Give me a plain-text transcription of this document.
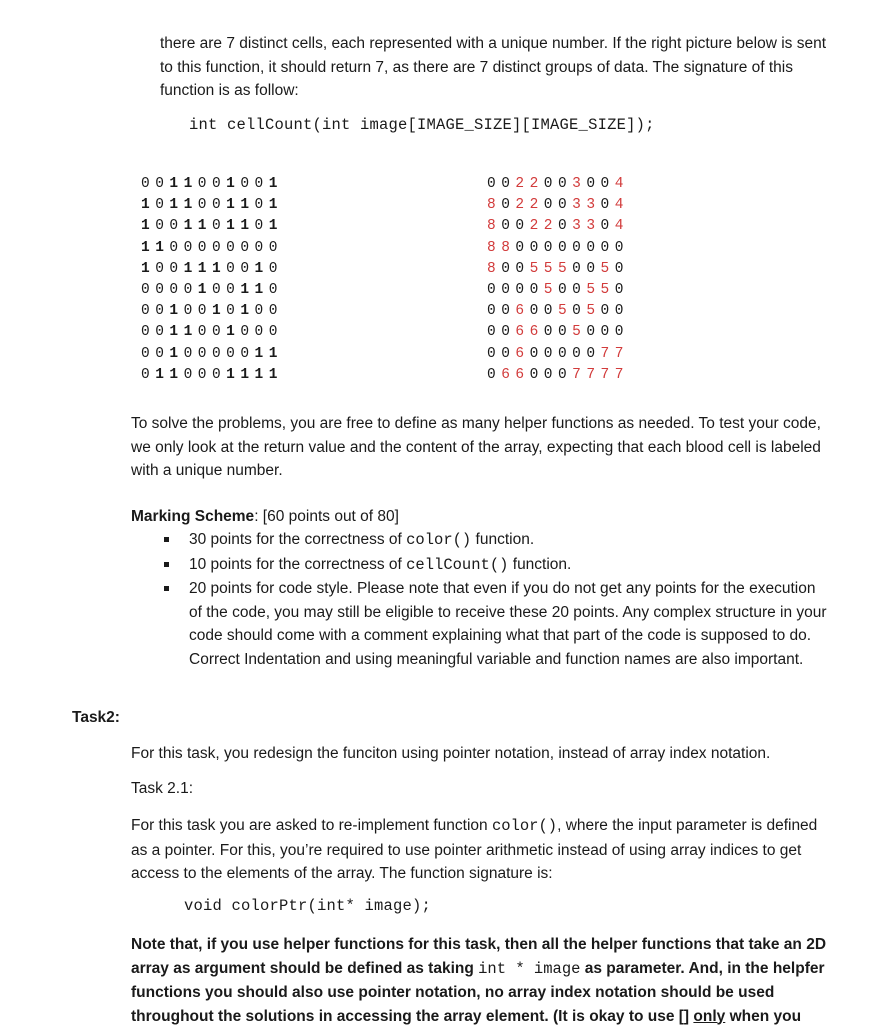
there are 7 distinct cells, each represented with a unique number. If the right picture below is sent to this function, it should return 7, as there are 7 distinct groups of data. The signature of this function is as follow:

int cellCount(int image[IMAGE_SIZE][IMAGE_SIZE]);
0 0 1 1 0 0 1 0 0 1
1 0 1 1 0 0 1 1 0 1
1 0 0 1 1 0 1 1 0 1
1 1 0 0 0 0 0 0 0 0
1 0 0 1 1 1 0 0 1 0
0 0 0 0 1 0 0 1 1 0
0 0 1 0 0 1 0 1 0 0
0 0 1 1 0 0 1 0 0 0
0 0 1 0 0 0 0 0 1 1
0 1 1 0 0 0 1 1 1 1
0 0 2 2 0 0 3 0 0 4
8 0 2 2 0 0 3 3 0 4
8 0 0 2 2 0 3 3 0 4
8 8 0 0 0 0 0 0 0 0
8 0 0 5 5 5 0 0 5 0
0 0 0 0 5 0 0 5 5 0
0 0 6 0 0 5 0 5 0 0
0 0 6 6 0 0 5 0 0 0
0 0 6 0 0 0 0 0 7 7
0 6 6 0 0 0 7 7 7 7

To solve the problems, you are free to define as many helper functions as needed. To test your code, we only look at the return value and the content of the array, expecting that each blood cell is labeled with a unique number.

Marking Scheme: [60 points out of 80]
30 points for the correctness of color() function.
10 points for the correctness of cellCount() function.
20 points for code style. Please note that even if you do not get any points for the execution of the code, you may still be eligible to receive these 20 points. Any complex structure in your code should come with a comment explaining what that part of the code is supposed to do. Correct Indentation and using meaningful variable and function names are also important.
Task2:

For this task, you redesign the funciton using pointer notation, instead of array index notation.

Task 2.1:

For this task you are asked to re-implement function color(), where the input parameter is defined as a pointer. For this, you’re required to use pointer arithmetic instead of using array indices to get access to the elements of the array. The function signature is:

void colorPtr(int* image);

Note that, if you use helper functions for this task, then all the helper functions that take an 2D array as argument should be defined as taking int * image as parameter. And, in the helpfer functions you should also use pointer notation, no array index notation should be used throughout the solutions in accessing the array element. (It is okay to use [] only when you
